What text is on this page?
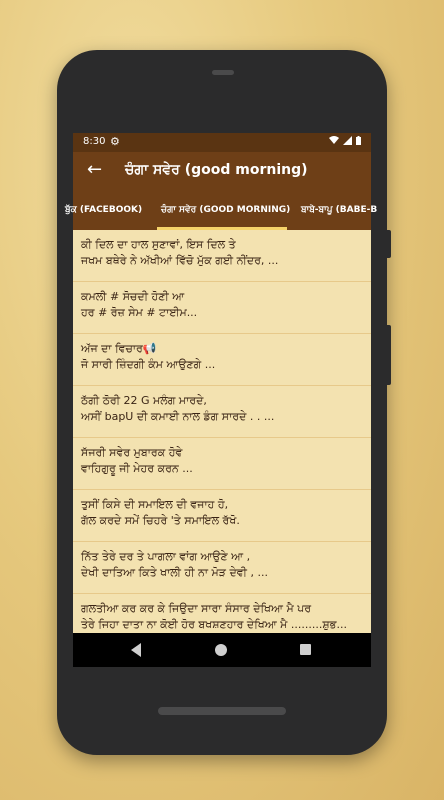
8:30 ⚙
← ਚੰਗਾ ਸਵੇਰ (good morning)
ਬੁੱਕ (FACEBOOK) ਚੰਗਾ ਸਵੇਰ (GOOD MORNING) ਬਾਬੇ-ਬਾਪੂ (BABE-B
ਕੀ ਦਿਲ ਦਾ ਹਾਲ ਸੁਣਾਵਾਂ, ਇਸ ਦਿਲ ਤੇ
ਜਖਮ ਬਥੇਰੇ ਨੇ ਅੱਖੀਆਂ ਵਿੱਚੋ ਮੁੱਕ ਗਈ ਨੀਂਦਰ, ...
ਕਮਲੀ # ਸੋਚਦੀ ਹੋਣੀ ਆ
ਹਰ # ਰੋਜ਼ ਸੇਮ # ਟਾਈਮ...
ਅੱਜ ਦਾ ਵਿਚਾਰ📢
ਜੋ ਸਾਰੀ ਜ਼ਿੰਦਗੀ ਕੰਮ ਆਉਣਗੇ ...
ਠੱਗੀ ਠੋਰੀ 22 G ਮਲੰਗ ਮਾਰਦੇ,
ਅਸੀਂ bapU ਦੀ ਕਮਾਈ ਨਾਲ ਡੰਗ ਸਾਰਦੇ . . ...
ਸੱਜਰੀ ਸਵੇਰ ਮੁਬਾਰਕ ਹੋਵੇ
ਵਾਹਿਗੁਰੂ ਜੀ ਮੇਹਰ ਕਰਨ ...
ਤੁਸੀਂ ਕਿਸੇ ਦੀ ਸਮਾਇਲ ਦੀ ਵਜਾਹ ਹੋ,
ਗੱਲ ਕਰਦੇ ਸਮੇਂ ਚਿਹਰੇ 'ਤੇ ਸਮਾਇਲ ਰੱਖੋ.
ਨਿੱਤ ਤੇਰੇ ਦਰ ਤੇ ਪਾਗਲਾ ਵਾਂਗ ਆਉਣੇ ਆ ,
ਦੇਖੀ ਦਾਤਿਆ ਕਿਤੇ ਖਾਲੀ ਹੀ ਨਾ ਮੋੜ ਦੇਵੀ , ...
ਗਲਤੀਆ ਕਰ ਕਰ ਕੇ ਜਿਉਦਾ ਸਾਰਾ ਸੰਸਾਰ ਦੇਖਿਆ ਮੈ ਪਰ
ਤੇਰੇ ਜਿਹਾ ਦਾਤਾ ਨਾ ਕੋਈ ਹੋਰ ਬਖਸ਼ਣਹਾਰ ਦੇਖਿਆ ਮੈ .........ਸ਼ੁਭ...
